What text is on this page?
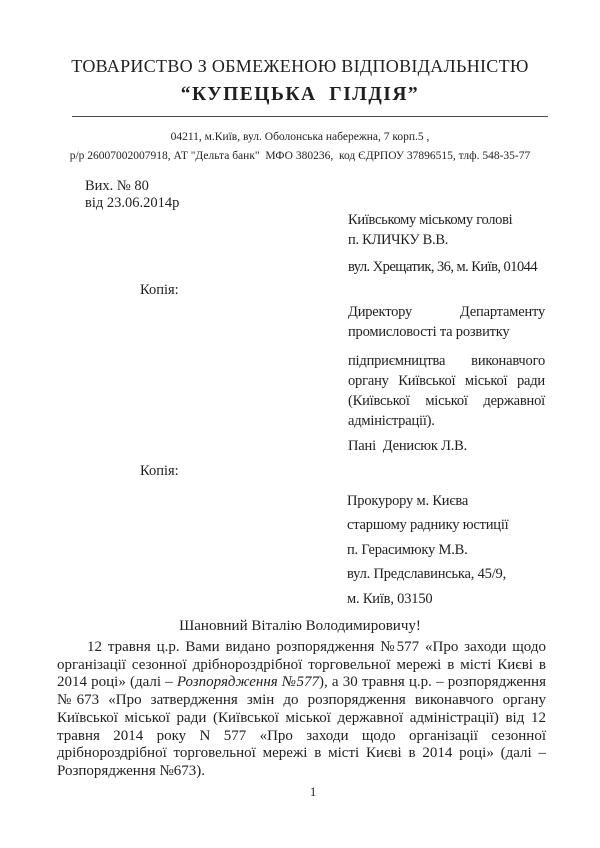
ТОВАРИСТВО З ОБМЕЖЕНОЮ ВІДПОВІДАЛЬНІСТЮ
“КУПЕЦЬКА  ГІЛДІЯ”
04211, м.Київ, вул. Оболонська набережна, 7 корп.5 ,
р/р 26007002007918, АТ "Дельта банк"  МФО 380236,  код ЄДРПОУ 37896515, тлф. 548-35-77
Вих. № 80
від 23.06.2014р
Київському міському голові
п. КЛИЧКУ В.В.
вул. Хрещатик, 36, м. Київ, 01044
Копія:
Директору Департаменту
промисловості та розвитку
підприємництва виконавчого
органу Київської міської ради
(Київської міської державної
адміністрації).
Пані  Денисюк Л.В.
Копія:
Прокурору м. Києва
старшому раднику юстиції
п. Герасимюку М.В.
вул. Предславинська, 45/9,
м. Київ, 03150
Шановний Віталію Володимировичу!

12 травня ц.р. Вами видано розпорядження №577 «Про заходи щодо організації сезонної дрібнороздрібної торговельної мережі в місті Києві в 2014 році» (далі – Розпорядження №577), а 30 травня ц.р. – розпорядження №673 «Про затвердження змін до розпорядження виконавчого органу Київської міської ради (Київської міської державної адміністрації) від 12 травня 2014 року N 577 «Про заходи щодо організації сезонної дрібнороздрібної торговельної мережі в місті Києві в 2014 році» (далі – Розпорядження №673).

1
